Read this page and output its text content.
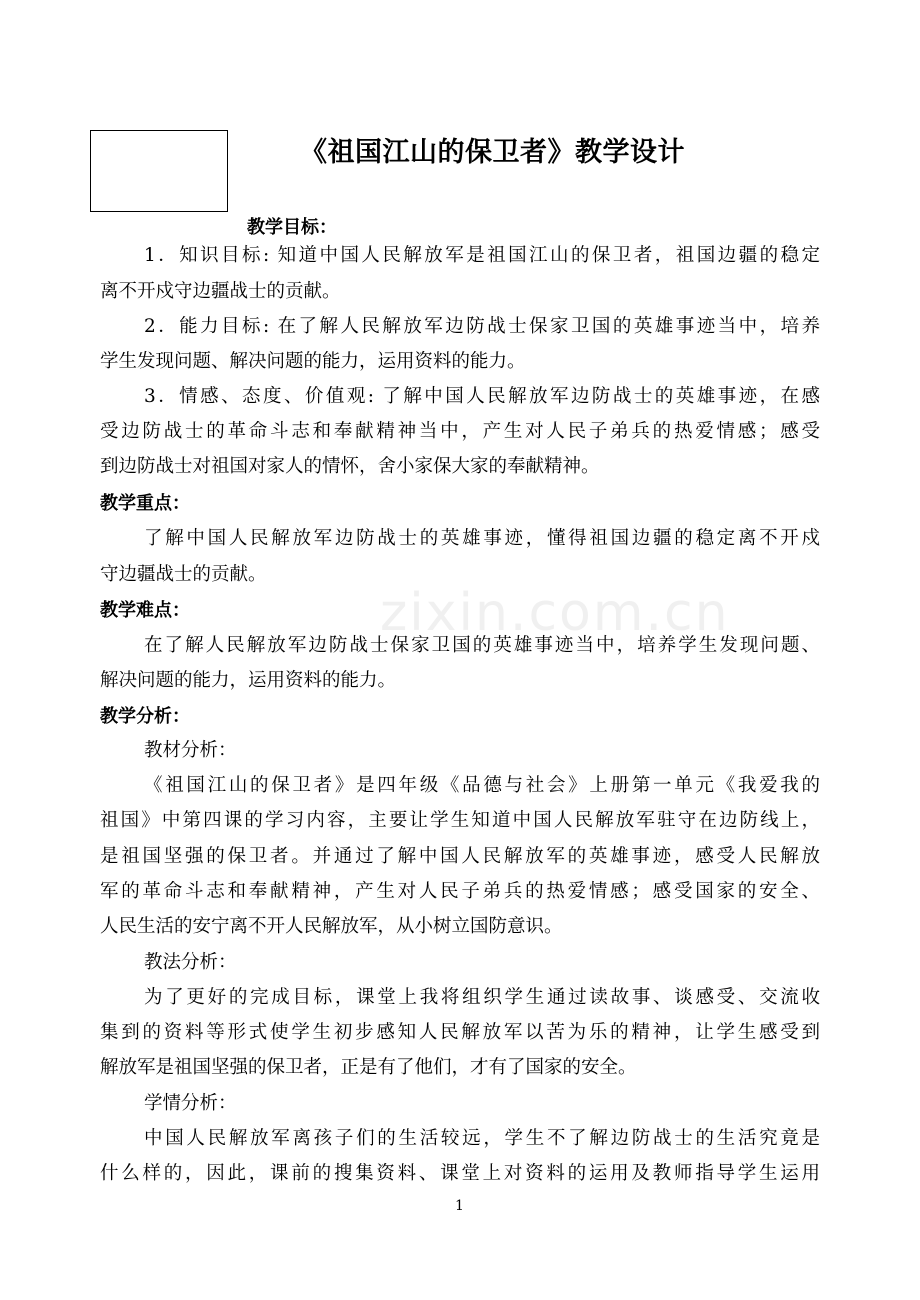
《祖国江山的保卫者》教学设计
教学目标：
1．知识目标: 知道中国人民解放军是祖国江山的保卫者，祖国边疆的稳定
离不开戍守边疆战士的贡献。
2．能力目标: 在了解人民解放军边防战士保家卫国的英雄事迹当中，培养
学生发现问题、解决问题的能力，运用资料的能力。
3．情感、态度、价值观: 了解中国人民解放军边防战士的英雄事迹，在感
受边防战士的革命斗志和奉献精神当中，产生对人民子弟兵的热爱情感；感受
到边防战士对祖国对家人的情怀，舍小家保大家的奉献精神。
教学重点：
了解中国人民解放军边防战士的英雄事迹，懂得祖国边疆的稳定离不开戍
守边疆战士的贡献。
zixin.com.cn
教学难点：
在了解人民解放军边防战士保家卫国的英雄事迹当中，培养学生发现问题、
解决问题的能力，运用资料的能力。
教学分析：
教材分析：
《祖国江山的保卫者》是四年级《品德与社会》上册第一单元《我爱我的
祖国》中第四课的学习内容，主要让学生知道中国人民解放军驻守在边防线上，
是祖国坚强的保卫者。并通过了解中国人民解放军的英雄事迹，感受人民解放
军的革命斗志和奉献精神，产生对人民子弟兵的热爱情感；感受国家的安全、
人民生活的安宁离不开人民解放军，从小树立国防意识。
教法分析：
为了更好的完成目标，课堂上我将组织学生通过读故事、谈感受、交流收
集到的资料等形式使学生初步感知人民解放军以苦为乐的精神，让学生感受到
解放军是祖国坚强的保卫者，正是有了他们，才有了国家的安全。
学情分析：
中国人民解放军离孩子们的生活较远，学生不了解边防战士的生活究竟是
什么样的，因此，课前的搜集资料、课堂上对资料的运用及教师指导学生运用
1
